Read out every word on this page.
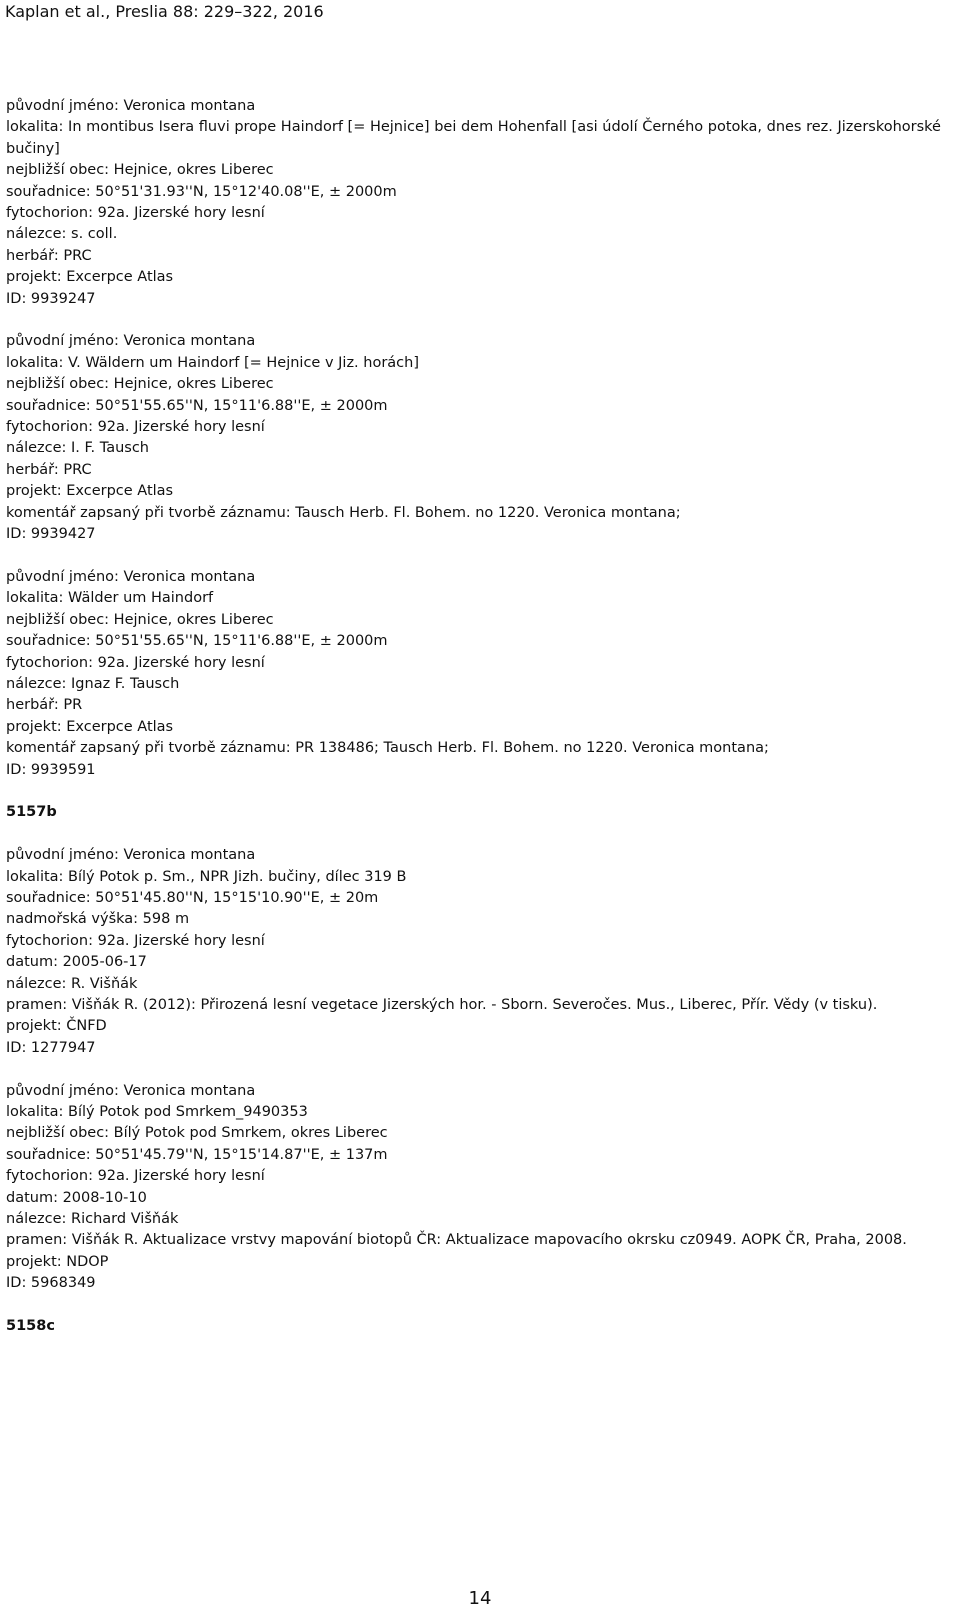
Kaplan et al., Preslia 88: 229–322, 2016
původní jméno: Veronica montana
lokalita: In montibus Isera fluvi prope Haindorf [= Hejnice] bei dem Hohenfall [asi údolí Černého potoka, dnes rez. Jizerskohorské bučiny]
nejbližší obec: Hejnice, okres Liberec
souřadnice: 50°51'31.93''N, 15°12'40.08''E, ± 2000m
fytochorion: 92a. Jizerské hory lesní
nálezce: s. coll.
herbář: PRC
projekt: Excerpce Atlas
ID: 9939247
původní jméno: Veronica montana
lokalita: V. Wäldern um Haindorf [= Hejnice v Jiz. horách]
nejbližší obec: Hejnice, okres Liberec
souřadnice: 50°51'55.65''N, 15°11'6.88''E, ± 2000m
fytochorion: 92a. Jizerské hory lesní
nálezce: I. F. Tausch
herbář: PRC
projekt: Excerpce Atlas
komentář zapsaný při tvorbě záznamu: Tausch Herb. Fl. Bohem. no 1220. Veronica montana;
ID: 9939427
původní jméno: Veronica montana
lokalita: Wälder um Haindorf
nejbližší obec: Hejnice, okres Liberec
souřadnice: 50°51'55.65''N, 15°11'6.88''E, ± 2000m
fytochorion: 92a. Jizerské hory lesní
nálezce: Ignaz F. Tausch
herbář: PR
projekt: Excerpce Atlas
komentář zapsaný při tvorbě záznamu: PR 138486; Tausch Herb. Fl. Bohem. no 1220. Veronica montana;
ID: 9939591
5157b
původní jméno: Veronica montana
lokalita: Bílý Potok p. Sm., NPR Jizh. bučiny, dílec 319 B
souřadnice: 50°51'45.80''N, 15°15'10.90''E, ± 20m
nadmořská výška: 598 m
fytochorion: 92a. Jizerské hory lesní
datum: 2005-06-17
nálezce: R. Višňák
pramen: Višňák R. (2012): Přirozená lesní vegetace Jizerských hor. - Sborn. Severočes. Mus., Liberec, Přír. Vědy (v tisku).
projekt: ČNFD
ID: 1277947
původní jméno: Veronica montana
lokalita: Bílý Potok pod Smrkem_9490353
nejbližší obec: Bílý Potok pod Smrkem, okres Liberec
souřadnice: 50°51'45.79''N, 15°15'14.87''E, ± 137m
fytochorion: 92a. Jizerské hory lesní
datum: 2008-10-10
nálezce: Richard Višňák
pramen: Višňák R. Aktualizace vrstvy mapování biotopů ČR: Aktualizace mapovacího okrsku cz0949. AOPK ČR, Praha, 2008.
projekt: NDOP
ID: 5968349
5158c
14
